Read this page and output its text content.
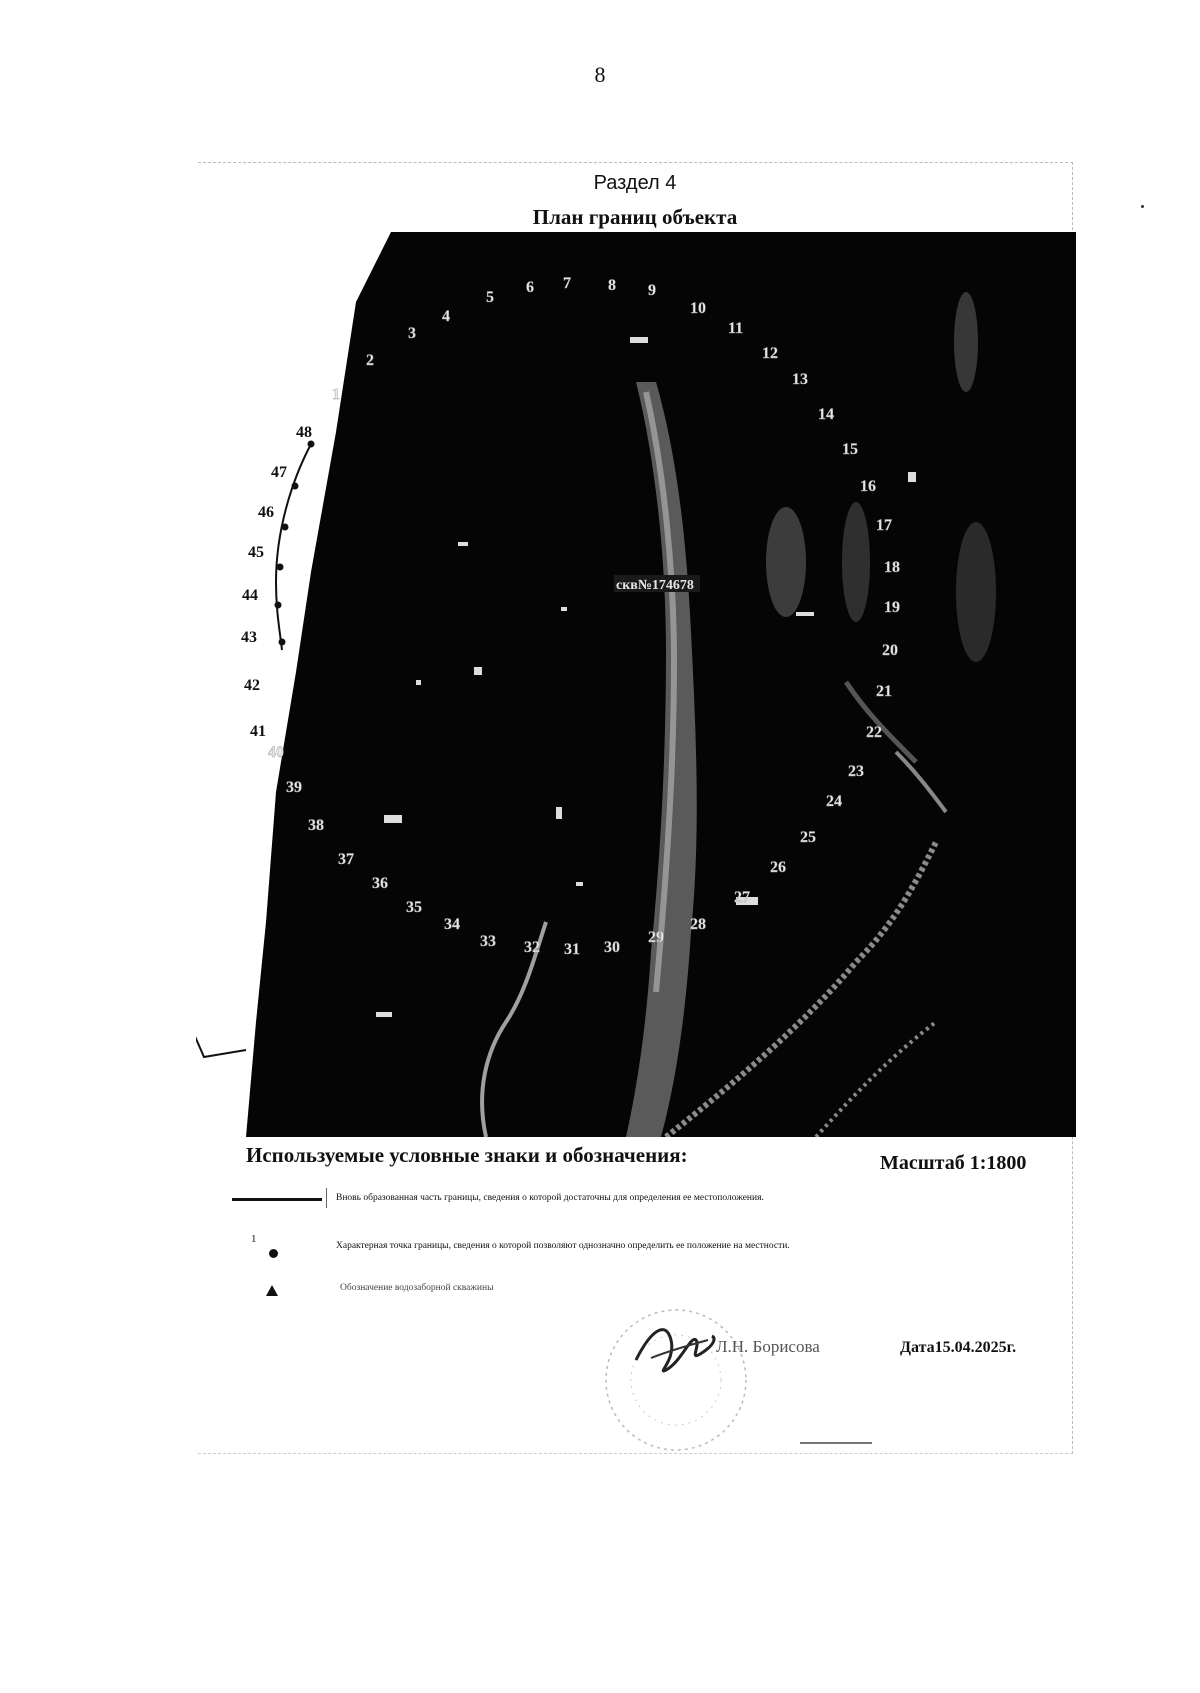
8
Раздел 4
План границ объекта
48
47
46
45
44
43
42
41
1
2
3
4
5
6 7 8 9
10
11
12
13
14
15
16
17
18
19
20
21
22
23
24
25
26
27
28
29
30
31
32
33
34
35
36
37
38
39
40
скв№174678
Используемые условные знаки и обозначения:	Масштаб 1:1800
Вновь образованная часть границы, сведения о которой достаточны для определения ее местоположения.
1
Характерная точка границы, сведения о которой позволяют однозначно определить ее положение на местности.
Обозначение водозаборной скважины
Л.Н. Борисова	Дата15.04.2025г.
